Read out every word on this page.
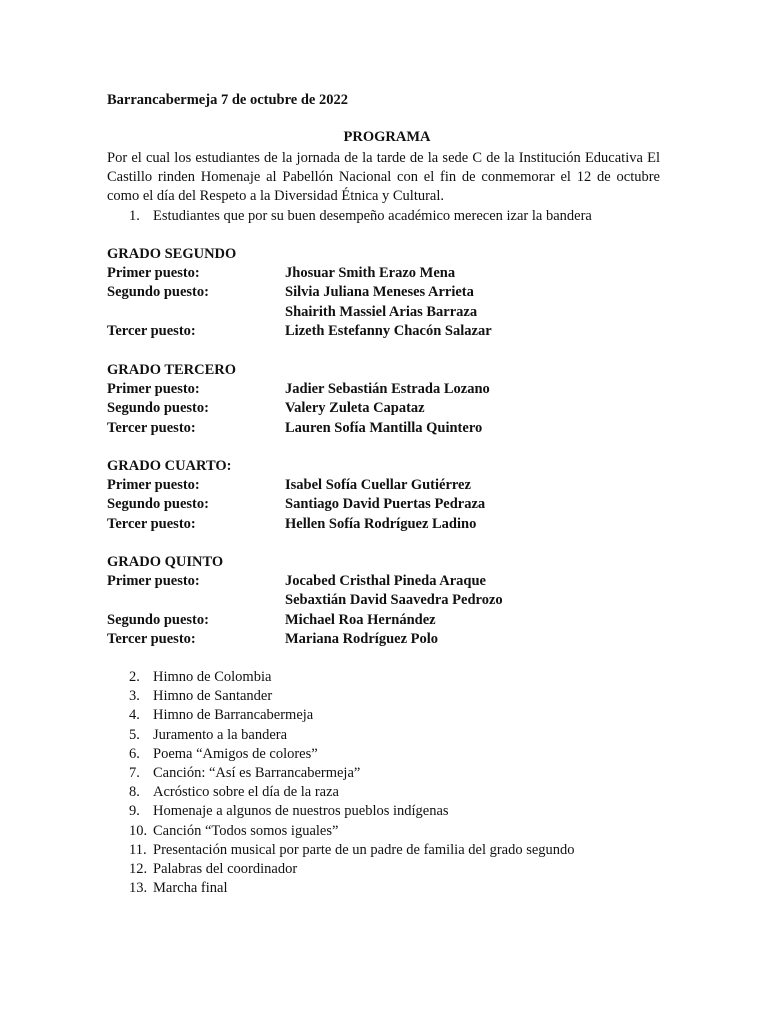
Barrancabermeja 7 de octubre de 2022
PROGRAMA
Por el cual los estudiantes de la jornada de la tarde de la sede C de la Institución Educativa El Castillo rinden Homenaje al Pabellón Nacional con el fin de conmemorar el 12 de octubre como el día del Respeto a la Diversidad Étnica y Cultural.
1. Estudiantes que por su buen desempeño académico merecen izar la bandera
GRADO SEGUNDO
Primer puesto:	Jhosuar Smith Erazo Mena
Segundo puesto:	Silvia Juliana Meneses Arrieta
Shairith Massiel Arias Barraza
Tercer puesto:	Lizeth Estefanny Chacón Salazar
GRADO TERCERO
Primer puesto:	Jadier Sebastián Estrada Lozano
Segundo puesto:	Valery Zuleta Capataz
Tercer puesto:	Lauren Sofía Mantilla Quintero
GRADO CUARTO:
Primer puesto:	Isabel Sofía Cuellar Gutiérrez
Segundo puesto:	Santiago David Puertas Pedraza
Tercer puesto:	Hellen Sofía Rodríguez Ladino
GRADO QUINTO
Primer puesto:	Jocabed Cristhal Pineda Araque
Sebaxtián David Saavedra Pedrozo
Segundo puesto:	Michael Roa Hernández
Tercer puesto:	Mariana Rodríguez Polo
2. Himno de Colombia
3. Himno de Santander
4. Himno de Barrancabermeja
5. Juramento a la bandera
6. Poema “Amigos de colores”
7. Canción: “Así es Barrancabermeja”
8. Acróstico sobre el día de la raza
9. Homenaje a algunos de nuestros pueblos indígenas
10. Canción “Todos somos iguales”
11. Presentación musical por parte de un padre de familia del grado segundo
12. Palabras del coordinador
13. Marcha final
